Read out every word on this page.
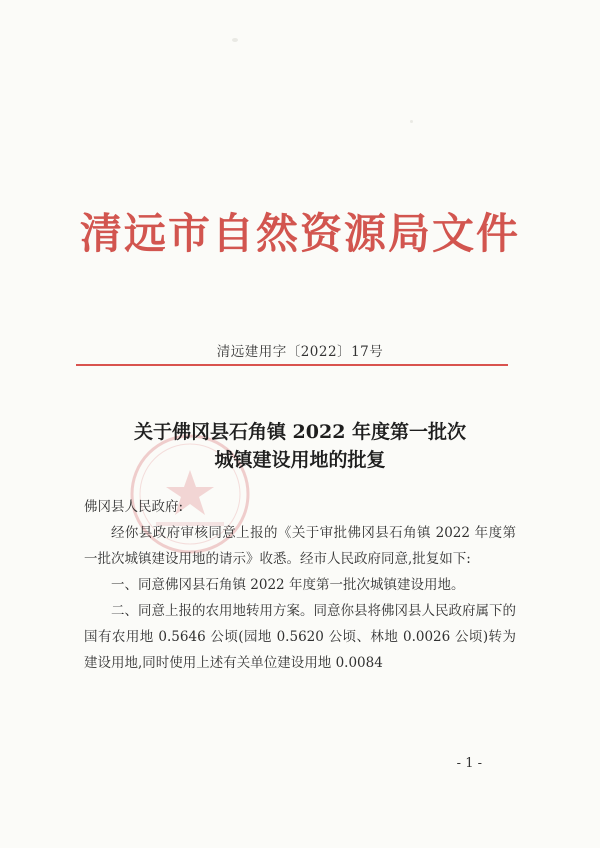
清远市自然资源局文件
清远建用字〔2022〕17号
关于佛冈县石角镇 2022 年度第一批次
城镇建设用地的批复

佛冈县人民政府:

经你县政府审核同意上报的《关于审批佛冈县石角镇 2022 年度第一批次城镇建设用地的请示》收悉。经市人民政府同意,批复如下:

一、同意佛冈县石角镇 2022 年度第一批次城镇建设用地。

二、同意上报的农用地转用方案。同意你县将佛冈县人民政府属下的国有农用地 0.5646 公顷(园地 0.5620 公顷、林地 0.0026 公顷)转为建设用地,同时使用上述有关单位建设用地 0.0084

- 1 -
